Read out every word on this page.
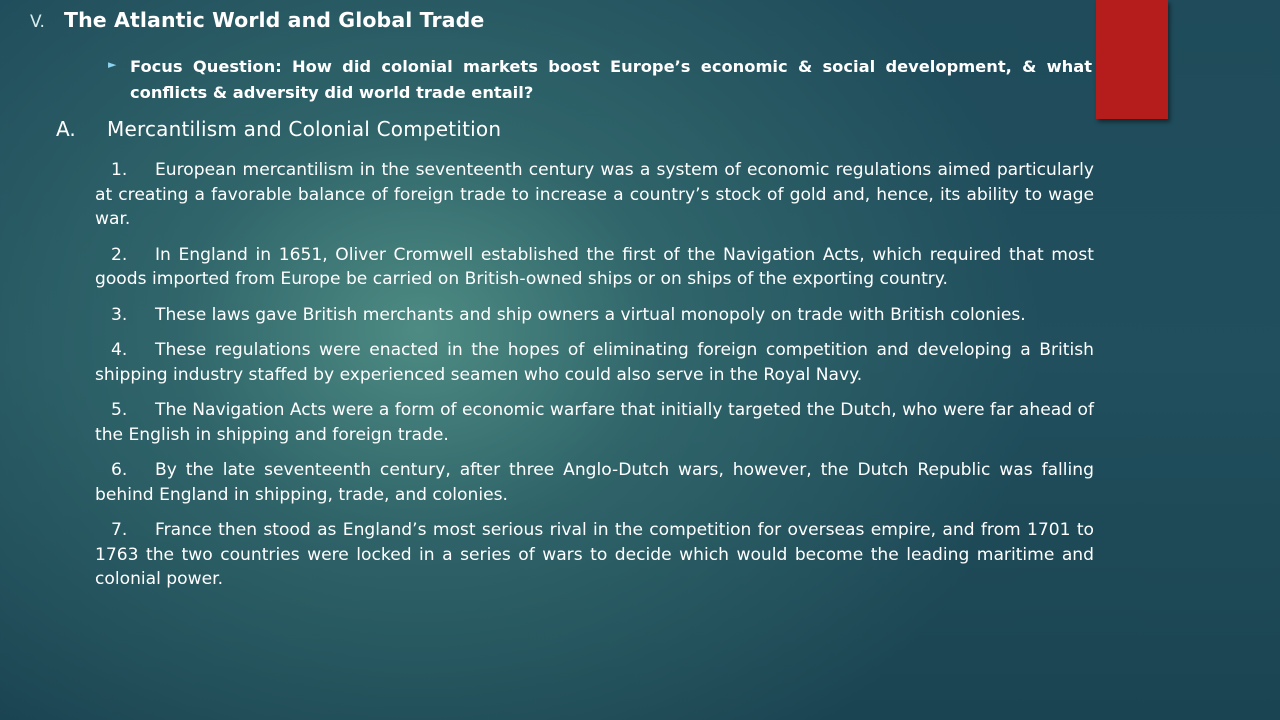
V. The Atlantic World and Global Trade
► Focus Question: How did colonial markets boost Europe’s economic & social development, & what conflicts & adversity did world trade entail?
A.	Mercantilism and Colonial Competition

1. European mercantilism in the seventeenth century was a system of economic regulations aimed particularly at creating a favorable balance of foreign trade to increase a country’s stock of gold and, hence, its ability to wage war.

2. In England in 1651, Oliver Cromwell established the first of the Navigation Acts, which required that most goods imported from Europe be carried on British-owned ships or on ships of the exporting country.

3. These laws gave British merchants and ship owners a virtual monopoly on trade with British colonies.

4. These regulations were enacted in the hopes of eliminating foreign competition and developing a British shipping industry staffed by experienced seamen who could also serve in the Royal Navy.

5. The Navigation Acts were a form of economic warfare that initially targeted the Dutch, who were far ahead of the English in shipping and foreign trade.

6. By the late seventeenth century, after three Anglo-Dutch wars, however, the Dutch Republic was falling behind England in shipping, trade, and colonies.

7. France then stood as England’s most serious rival in the competition for overseas empire, and from 1701 to 1763 the two countries were locked in a series of wars to decide which would become the leading maritime and colonial power.
